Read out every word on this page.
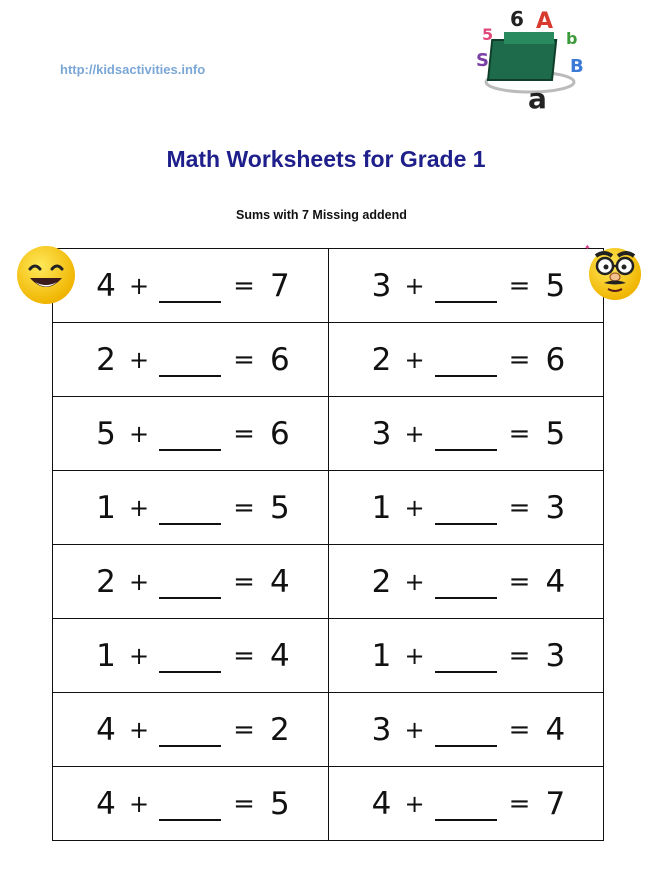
http://kidsactivities.info
6 A
5	b
S	B
a
Math Worksheets for Grade 1
Sums with 7 Missing addend
4 + = 7	3 + = 5

2 + = 6	2 + = 6

5 + = 6	3 + = 5

1 + = 5	1 + = 3

2 + = 4	2 + = 4

1 + = 4	1 + = 3

4 + = 2	3 + = 4

4 + = 5	4 + = 7
✦
